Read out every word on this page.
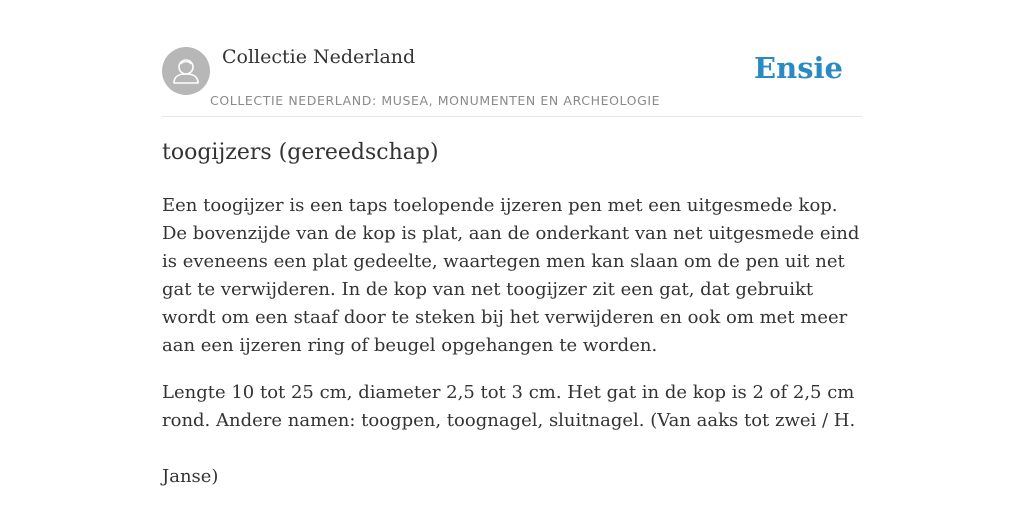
Collectie Nederland
COLLECTIE NEDERLAND: MUSEA, MONUMENTEN EN ARCHEOLOGIE
Ensie
toogijzers (gereedschap)

Een toogijzer is een taps toelopende ijzeren pen met een uitgesmede kop. De bovenzijde van de kop is plat, aan de onderkant van net uitgesmede eind is eveneens een plat gedeelte, waartegen men kan slaan om de pen uit net gat te verwijderen. In de kop van net toogijzer zit een gat, dat gebruikt wordt om een staaf door te steken bij het verwijderen en ook om met meer aan een ijzeren ring of beugel opgehangen te worden.

Lengte 10 tot 25 cm, diameter 2,5 tot 3 cm. Het gat in de kop is 2 of 2,5 cm rond. Andere namen: toogpen, toognagel, sluitnagel. (Van aaks tot zwei / H.

Janse)
